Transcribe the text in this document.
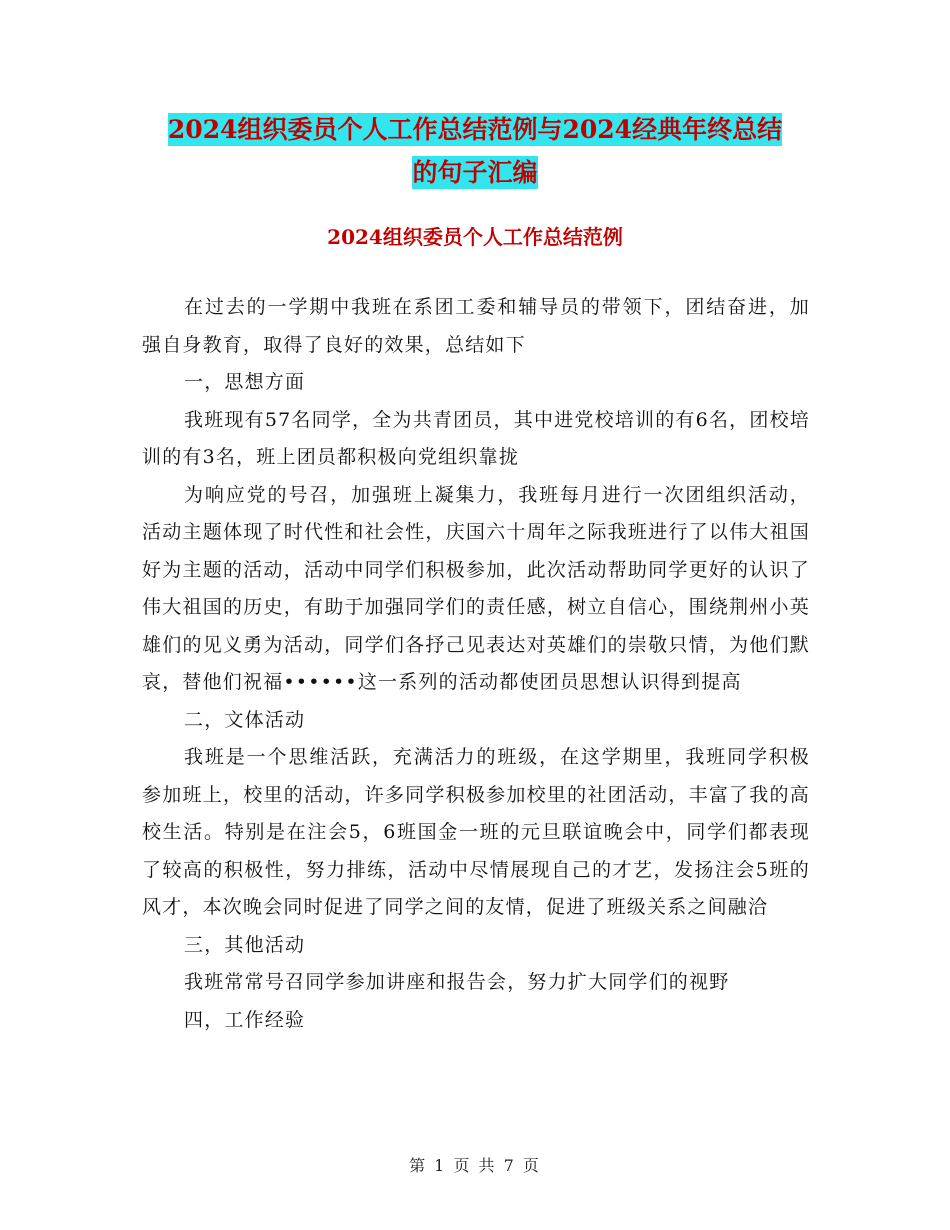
2024组织委员个人工作总结范例与2024经典年终总结
的句子汇编
2024组织委员个人工作总结范例

在过去的一学期中我班在系团工委和辅导员的带领下，团结奋进，加强自身教育，取得了良好的效果，总结如下

一，思想方面

我班现有57名同学，全为共青团员，其中进党校培训的有6名，团校培训的有3名，班上团员都积极向党组织靠拢

为响应党的号召，加强班上凝集力，我班每月进行一次团组织活动，活动主题体现了时代性和社会性，庆国六十周年之际我班进行了以伟大祖国好为主题的活动，活动中同学们积极参加，此次活动帮助同学更好的认识了伟大祖国的历史，有助于加强同学们的责任感，树立自信心，围绕荆州小英雄们的见义勇为活动，同学们各抒己见表达对英雄们的崇敬只情，为他们默哀，替他们祝福••••••这一系列的活动都使团员思想认识得到提高

二，文体活动

我班是一个思维活跃，充满活力的班级，在这学期里，我班同学积极参加班上，校里的活动，许多同学积极参加校里的社团活动，丰富了我的高校生活。特别是在注会5，6班国金一班的元旦联谊晚会中，同学们都表现了较高的积极性，努力排练，活动中尽情展现自己的才艺，发扬注会5班的风才，本次晚会同时促进了同学之间的友情，促进了班级关系之间融洽

三，其他活动

我班常常号召同学参加讲座和报告会，努力扩大同学们的视野

四，工作经验

第 1 页 共 7 页
